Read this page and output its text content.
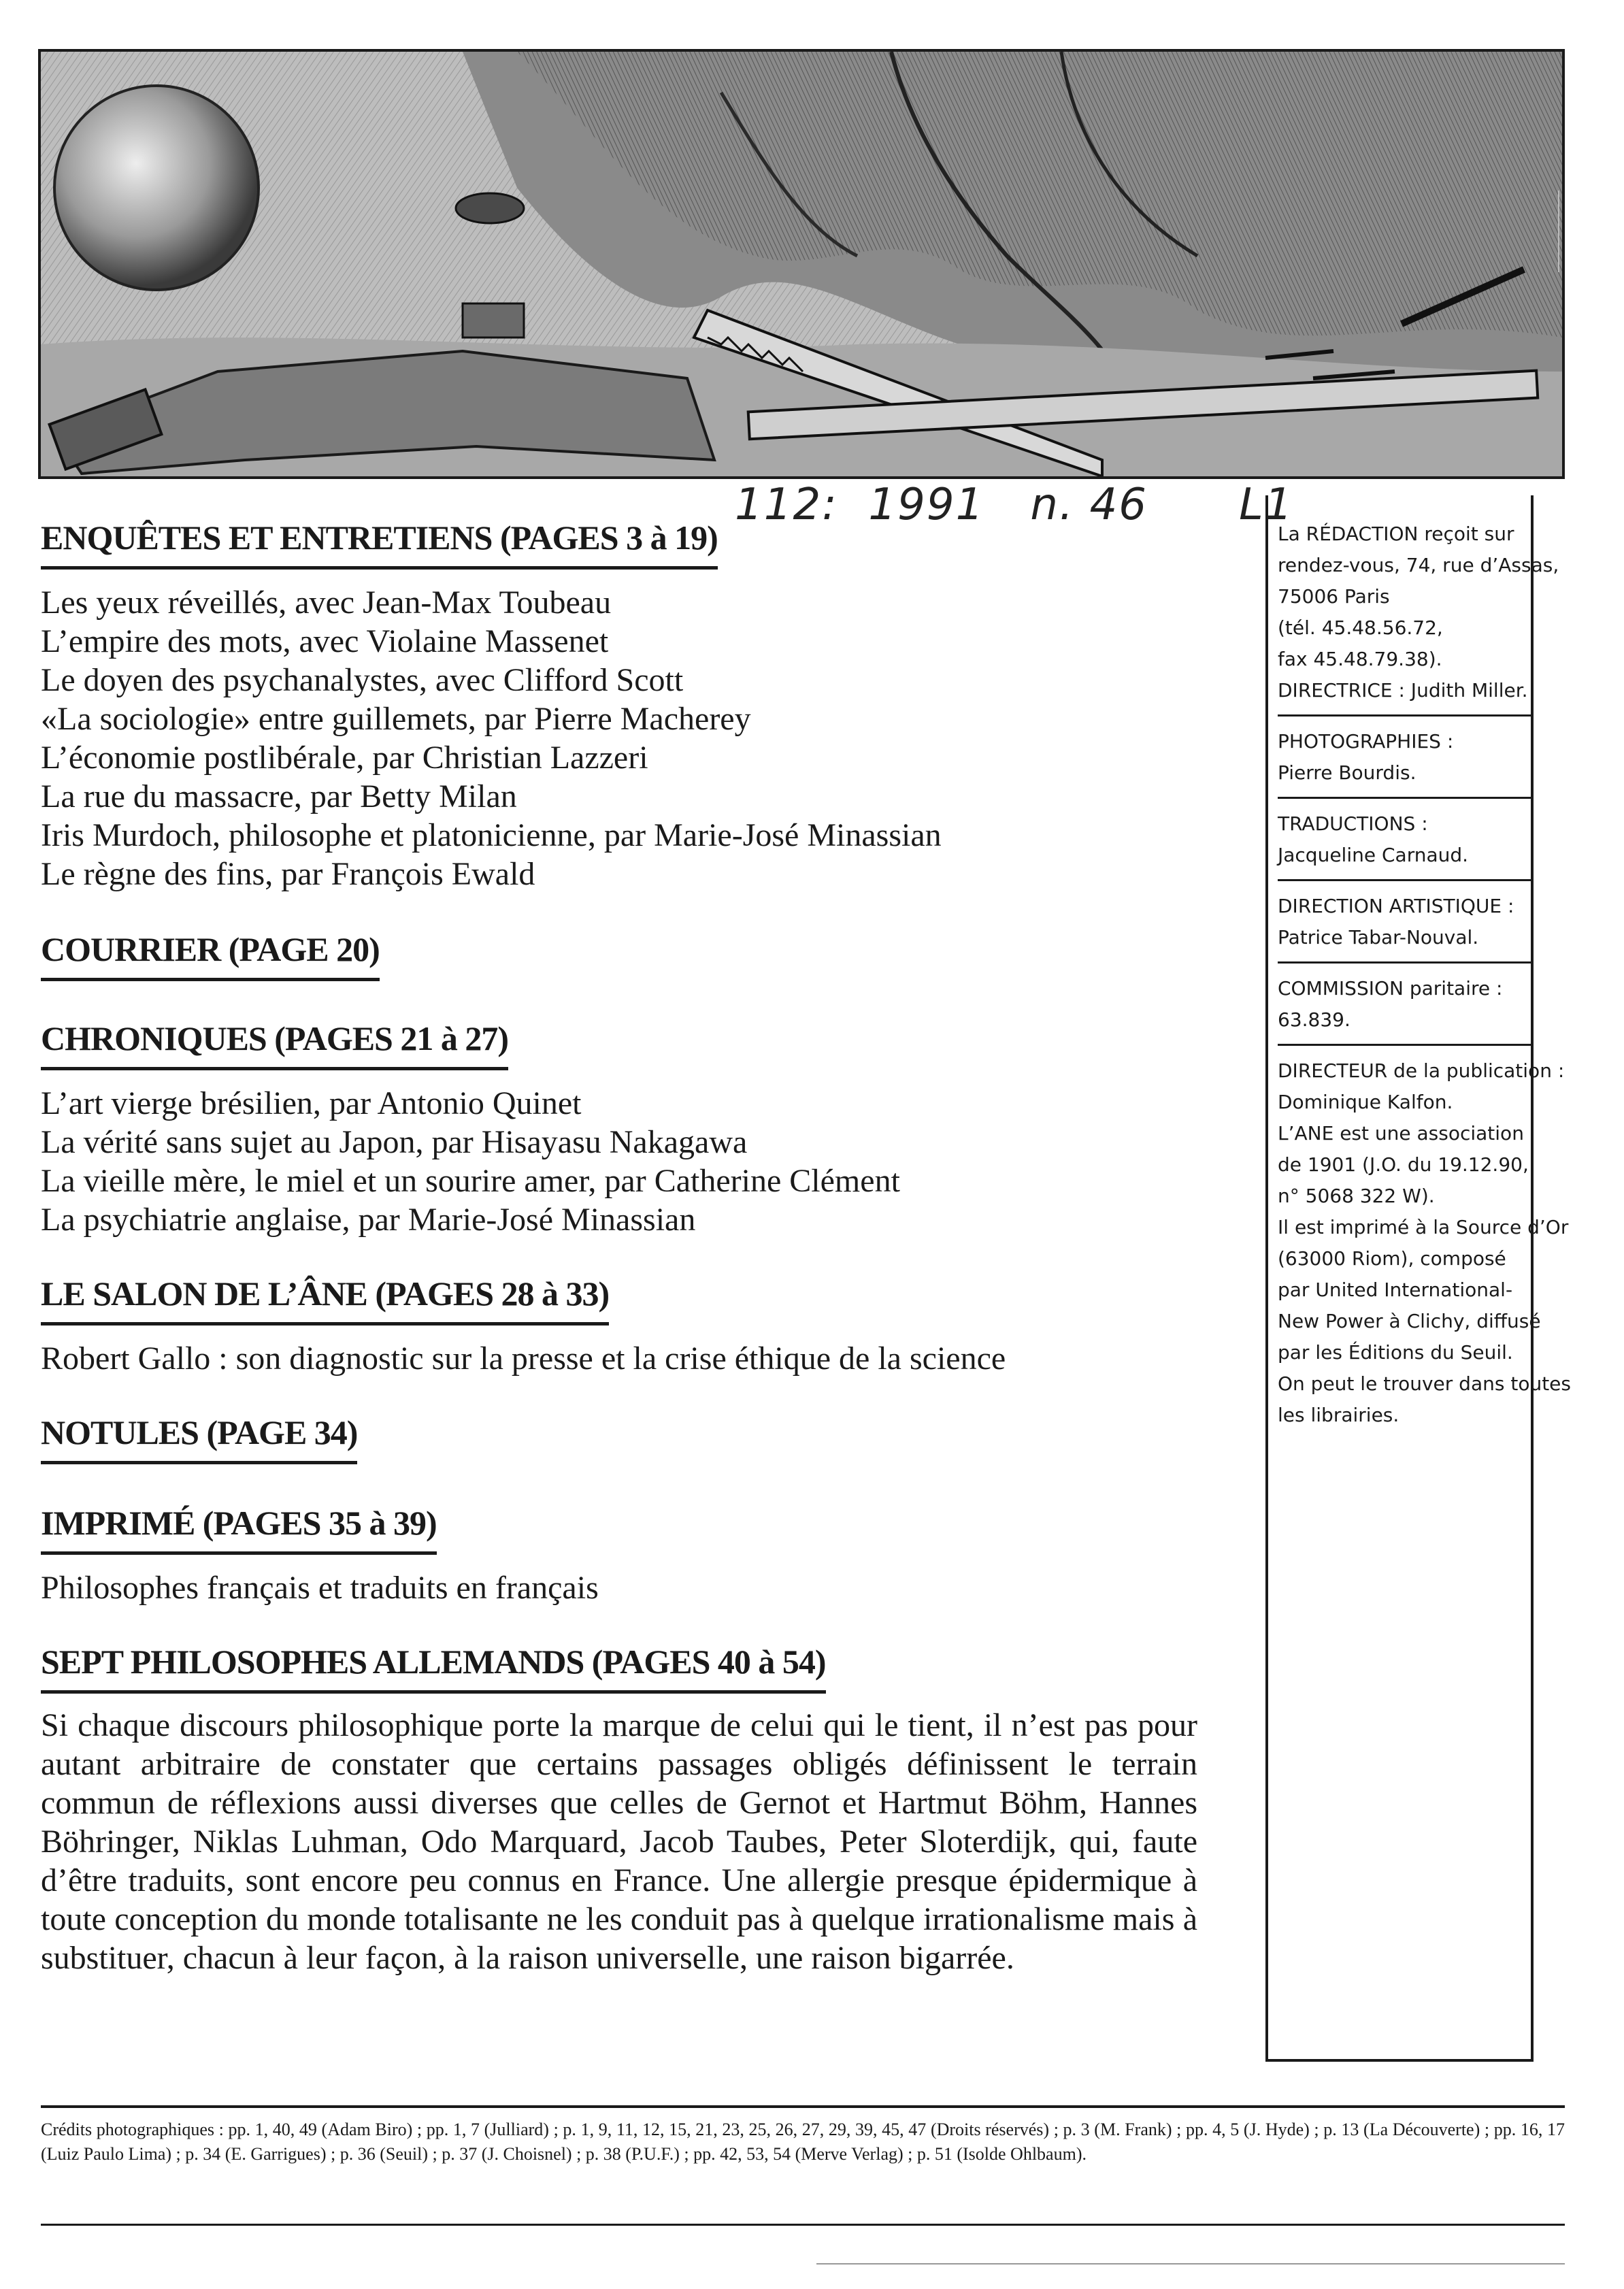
112:  1991   n. 46      L1
ENQUÊTES ET ENTRETIENS (PAGES 3 à 19)
Les yeux réveillés, avec Jean-Max Toubeau
L’empire des mots, avec Violaine Massenet
Le doyen des psychanalystes, avec Clifford Scott
«La sociologie» entre guillemets, par Pierre Macherey
L’économie postlibérale, par Christian Lazzeri
La rue du massacre, par Betty Milan
Iris Murdoch, philosophe et platonicienne, par Marie-José Minassian
Le règne des fins, par François Ewald
COURRIER (PAGE 20)
CHRONIQUES (PAGES 21 à 27)
L’art vierge brésilien, par Antonio Quinet
La vérité sans sujet au Japon, par Hisayasu Nakagawa
La vieille mère, le miel et un sourire amer, par Catherine Clément
La psychiatrie anglaise, par Marie-José Minassian
LE SALON DE L’ÂNE (PAGES 28 à 33)
Robert Gallo : son diagnostic sur la presse et la crise éthique de la science
NOTULES (PAGE 34)
IMPRIMÉ (PAGES 35 à 39)
Philosophes français et traduits en français
SEPT PHILOSOPHES ALLEMANDS (PAGES 40 à 54)

Si chaque discours philosophique porte la marque de celui qui le tient, il n’est pas pour autant arbitraire de constater que certains passages obligés définissent le terrain commun de réflexions aussi diverses que celles de Gernot et Hartmut Böhm, Hannes Böhringer, Niklas Luhman, Odo Marquard, Jacob Taubes, Peter Sloterdijk, qui, faute d’être traduits, sont encore peu connus en France. Une allergie presque épidermique à toute conception du monde totalisante ne les conduit pas à quelque irrationalisme mais à substituer, chacun à leur façon, à la raison universelle, une raison bigarrée.

La RÉDACTION reçoit sur
rendez-vous, 74, rue d’Assas,
75006 Paris
(tél. 45.48.56.72,
fax 45.48.79.38).
DIRECTRICE : Judith Miller.
PHOTOGRAPHIES :
Pierre Bourdis.
TRADUCTIONS :
Jacqueline Carnaud.
DIRECTION ARTISTIQUE :
Patrice Tabar-Nouval.
COMMISSION paritaire :
63.839.
DIRECTEUR de la publication :
Dominique Kalfon.
L’ANE est une association
de 1901 (J.O. du 19.12.90,
n° 5068 322 W).
Il est imprimé à la Source d’Or
(63000 Riom), composé
par United International-
New Power à Clichy, diffusé
par les Éditions du Seuil.
On peut le trouver dans toutes
les librairies.
Crédits photographiques : pp. 1, 40, 49 (Adam Biro) ; pp. 1, 7 (Julliard) ; p. 1, 9, 11, 12, 15, 21, 23, 25, 26, 27, 29, 39, 45, 47 (Droits réservés) ; p. 3 (M. Frank) ; pp. 4, 5 (J. Hyde) ; p. 13 (La Découverte) ; pp. 16, 17 (Luiz Paulo Lima) ; p. 34 (E. Garrigues) ; p. 36 (Seuil) ; p. 37 (J. Choisnel) ; p. 38 (P.U.F.) ; pp. 42, 53, 54 (Merve Verlag) ; p. 51 (Isolde Ohlbaum).
